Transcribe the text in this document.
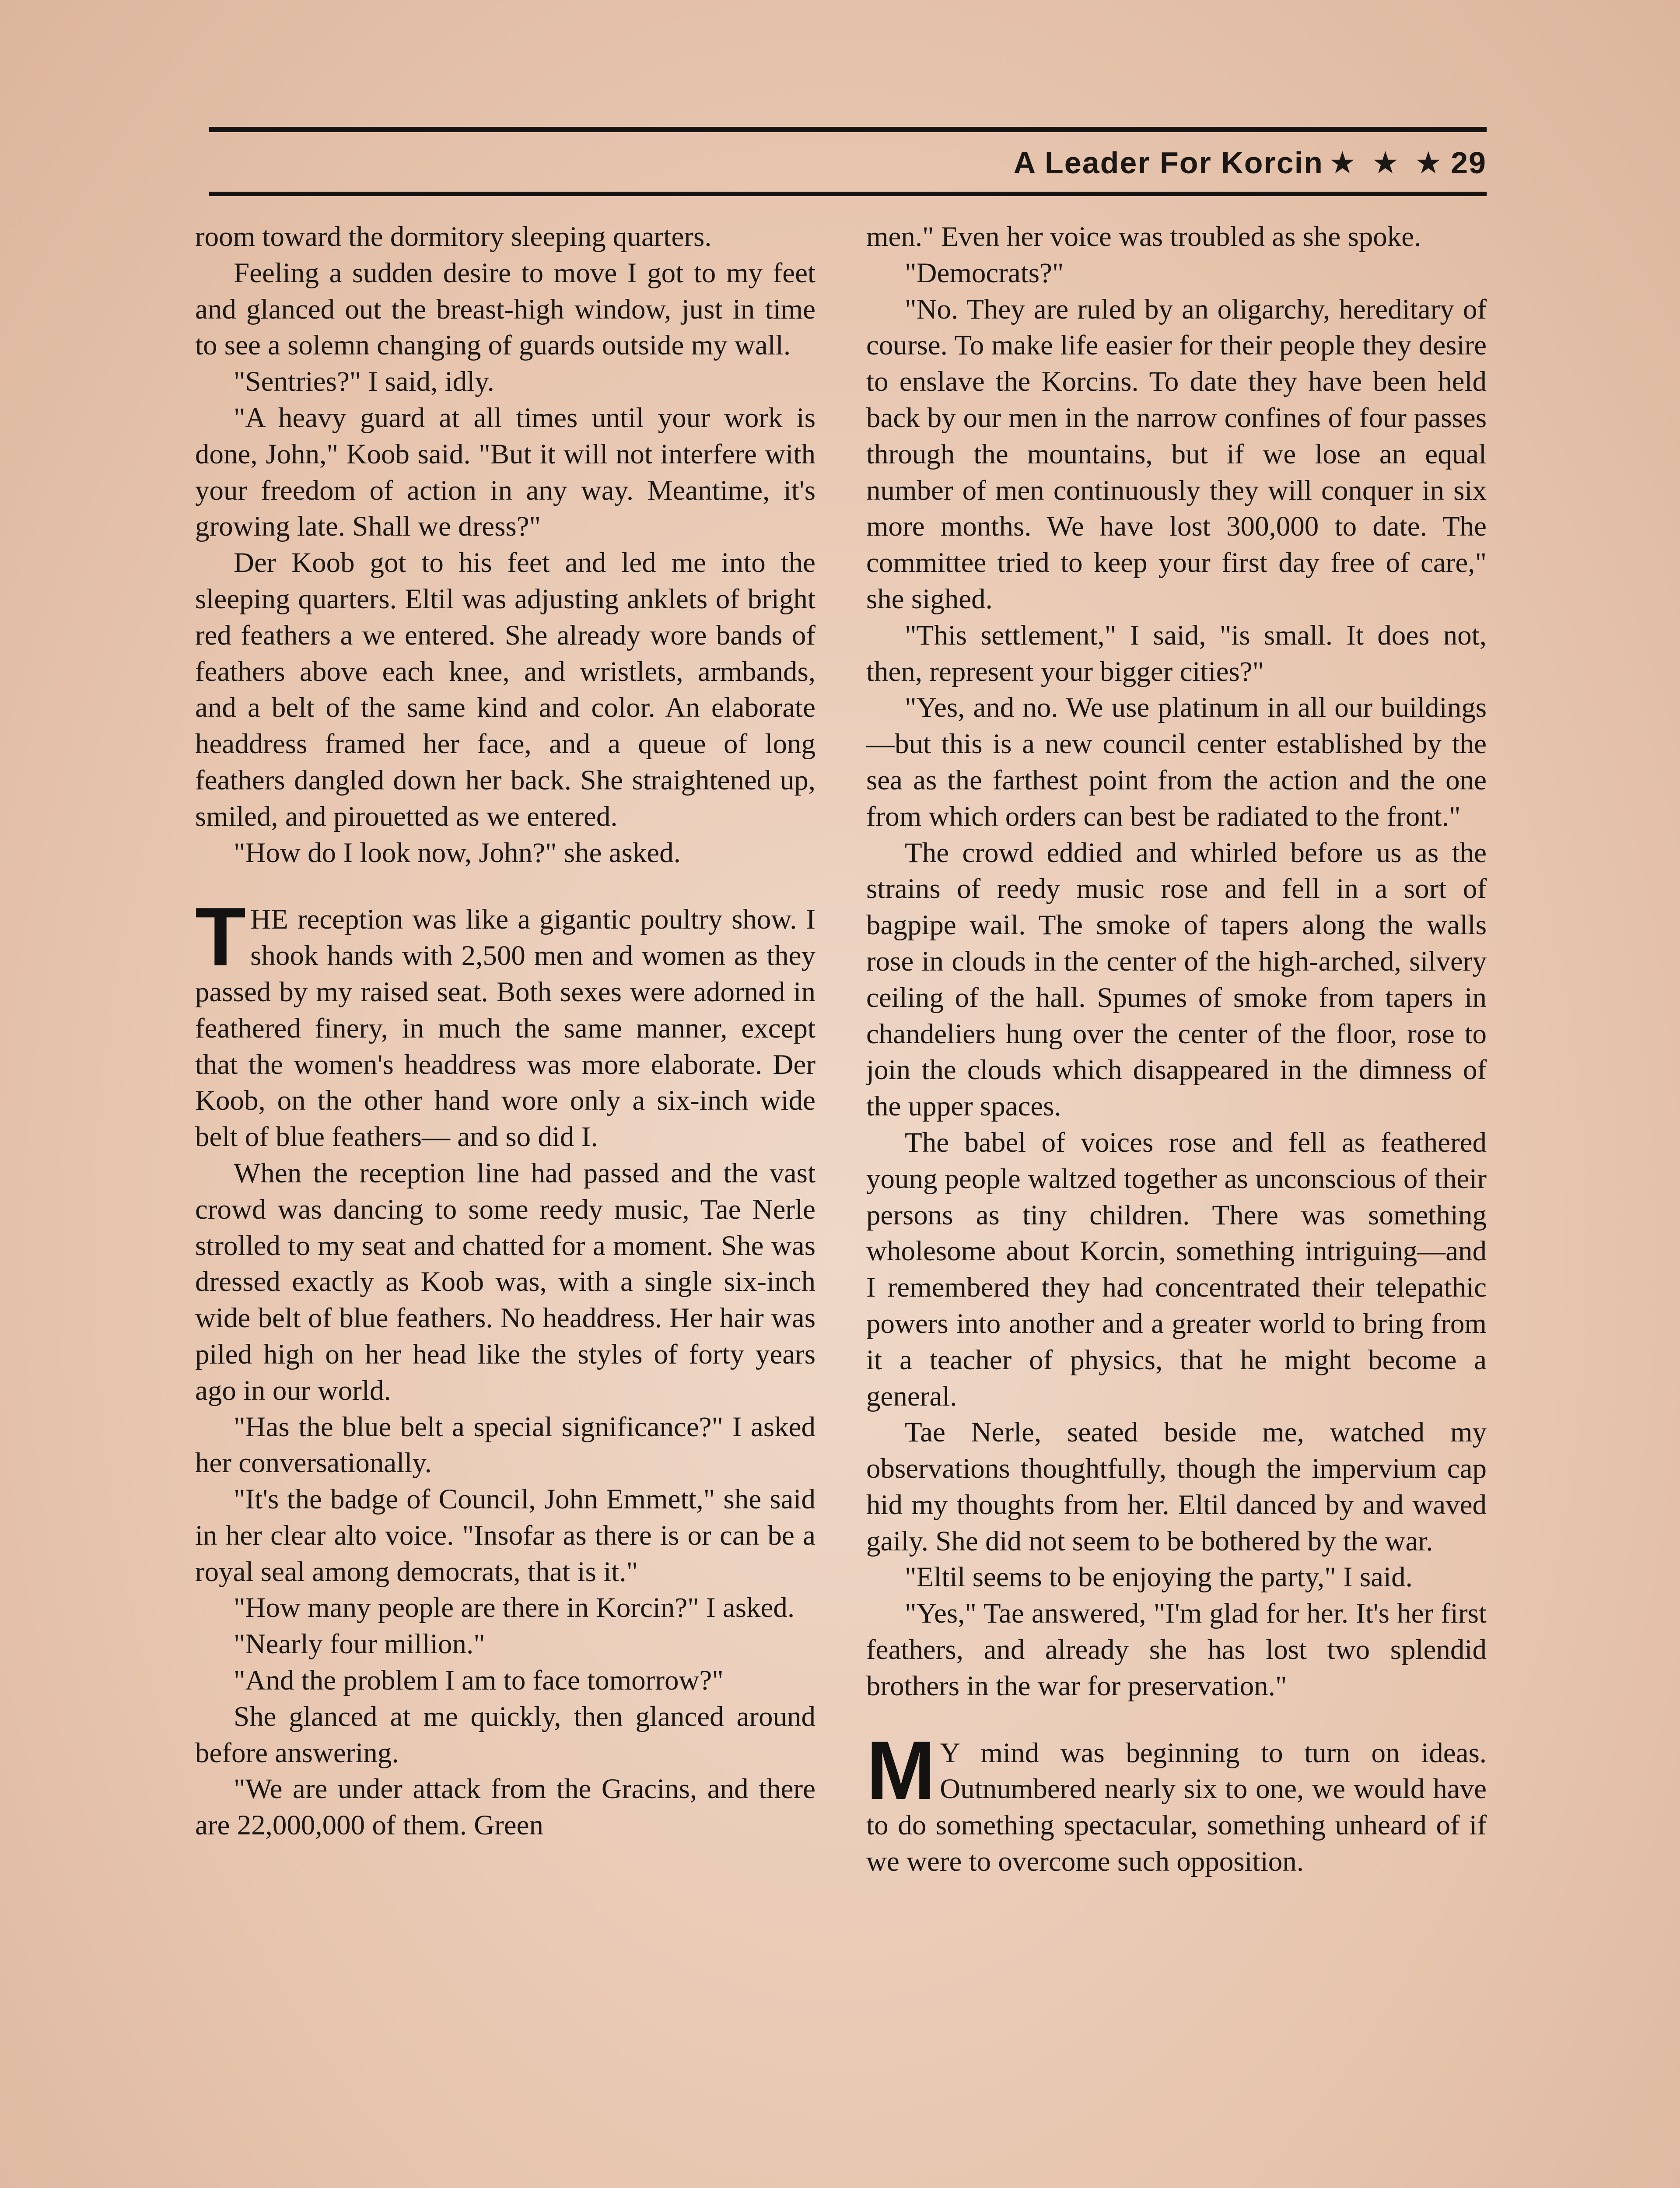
A Leader For Korcin ★ ★ ★ 29

room toward the dormitory sleeping quarters.

Feeling a sudden desire to move I got to my feet and glanced out the breast-high window, just in time to see a solemn changing of guards outside my wall.

"Sentries?" I said, idly.

"A heavy guard at all times until your work is done, John," Koob said. "But it will not interfere with your freedom of action in any way. Meantime, it's growing late. Shall we dress?"

Der Koob got to his feet and led me into the sleeping quarters. Eltil was adjusting anklets of bright red feathers a we entered. She already wore bands of feathers above each knee, and wristlets, armbands, and a belt of the same kind and color. An elaborate headdress framed her face, and a queue of long feathers dangled down her back. She straightened up, smiled, and pirouetted as we entered.

"How do I look now, John?" she asked.

THE reception was like a gigantic poultry show. I shook hands with 2,500 men and women as they passed by my raised seat. Both sexes were adorned in feathered finery, in much the same manner, except that the women's headdress was more elaborate. Der Koob, on the other hand wore only a six-inch wide belt of blue feathers— and so did I.

When the reception line had passed and the vast crowd was dancing to some reedy music, Tae Nerle strolled to my seat and chatted for a moment. She was dressed exactly as Koob was, with a single six-inch wide belt of blue feathers. No headdress. Her hair was piled high on her head like the styles of forty years ago in our world.

"Has the blue belt a special significance?" I asked her conversationally.

"It's the badge of Council, John Emmett," she said in her clear alto voice. "Insofar as there is or can be a royal seal among democrats, that is it."

"How many people are there in Korcin?" I asked.

"Nearly four million."

"And the problem I am to face tomorrow?"

She glanced at me quickly, then glanced around before answering.

"We are under attack from the Gracins, and there are 22,000,000 of them. Green

men." Even her voice was troubled as she spoke.

"Democrats?"

"No. They are ruled by an oligarchy, hereditary of course. To make life easier for their people they desire to enslave the Korcins. To date they have been held back by our men in the narrow confines of four passes through the mountains, but if we lose an equal number of men continuously they will conquer in six more months. We have lost 300,000 to date. The committee tried to keep your first day free of care," she sighed.

"This settlement," I said, "is small. It does not, then, represent your bigger cities?"

"Yes, and no. We use platinum in all our buildings—but this is a new council center established by the sea as the farthest point from the action and the one from which orders can best be radiated to the front."

The crowd eddied and whirled before us as the strains of reedy music rose and fell in a sort of bagpipe wail. The smoke of tapers along the walls rose in clouds in the center of the high-arched, silvery ceiling of the hall. Spumes of smoke from tapers in chandeliers hung over the center of the floor, rose to join the clouds which disappeared in the dimness of the upper spaces.

The babel of voices rose and fell as feathered young people waltzed together as unconscious of their persons as tiny children. There was something wholesome about Korcin, something intriguing—and I remembered they had concentrated their telepathic powers into another and a greater world to bring from it a teacher of physics, that he might become a general.

Tae Nerle, seated beside me, watched my observations thoughtfully, though the impervium cap hid my thoughts from her. Eltil danced by and waved gaily. She did not seem to be bothered by the war.

"Eltil seems to be enjoying the party," I said.

"Yes," Tae answered, "I'm glad for her. It's her first feathers, and already she has lost two splendid brothers in the war for preservation."

M Y mind was beginning to turn on ideas. Outnumbered nearly six to one, we would have to do something spectacular, something unheard of if we were to overcome such opposition.
